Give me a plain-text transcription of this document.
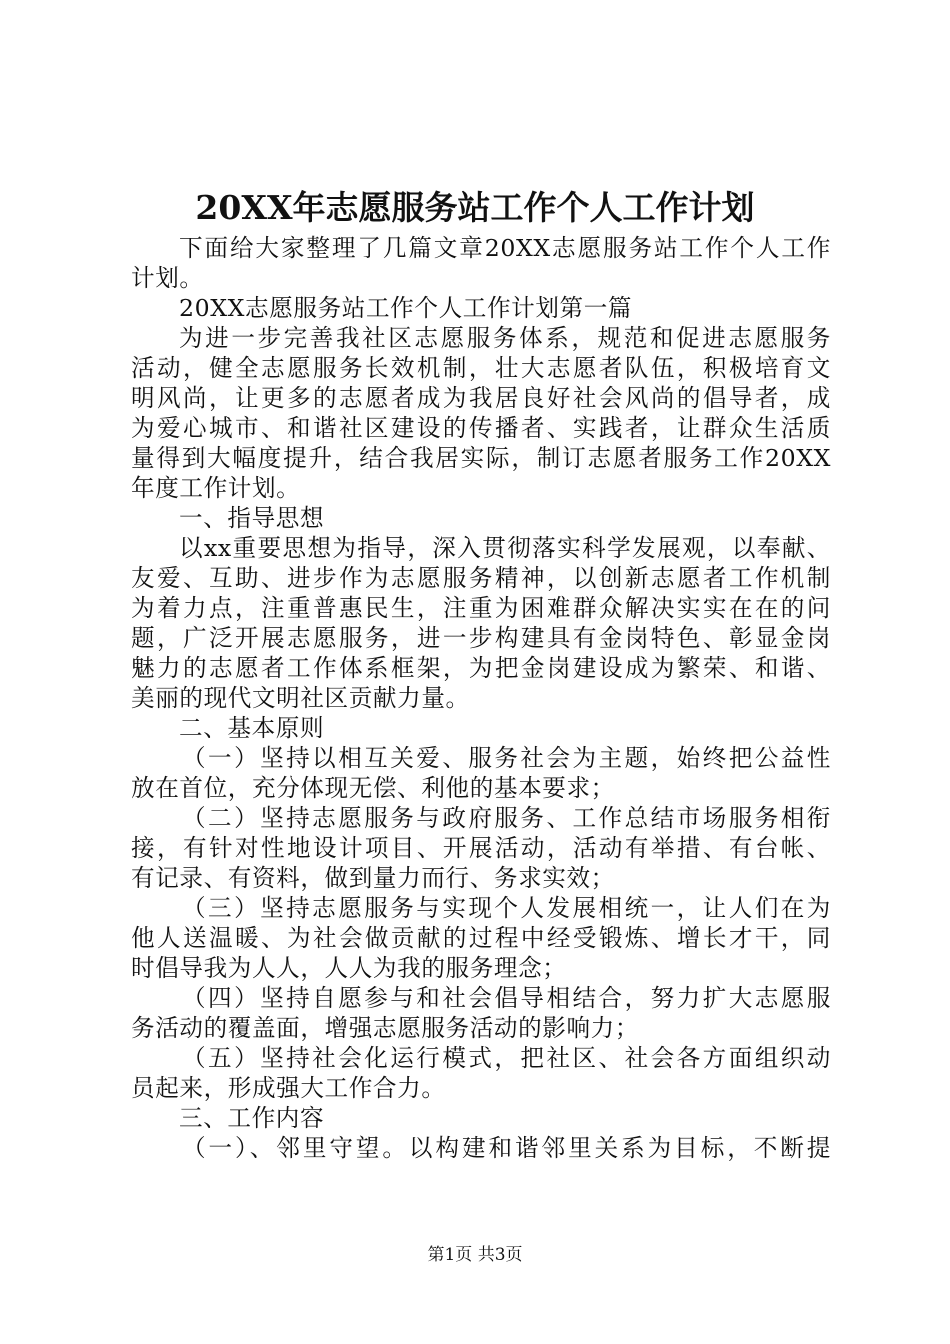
20XX年志愿服务站工作个人工作计划
下面给大家整理了几篇文章20XX志愿服务站工作个人工作
计划。
20XX志愿服务站工作个人工作计划第一篇
为进一步完善我社区志愿服务体系，规范和促进志愿服务
活动，健全志愿服务长效机制，壮大志愿者队伍，积极培育文
明风尚，让更多的志愿者成为我居良好社会风尚的倡导者，成
为爱心城市、和谐社区建设的传播者、实践者，让群众生活质
量得到大幅度提升，结合我居实际，制订志愿者服务工作20XX
年度工作计划。
一、指导思想
以xx重要思想为指导，深入贯彻落实科学发展观，以奉献、
友爱、互助、进步作为志愿服务精神，以创新志愿者工作机制
为着力点，注重普惠民生，注重为困难群众解决实实在在的问
题，广泛开展志愿服务，进一步构建具有金岗特色、彰显金岗
魅力的志愿者工作体系框架，为把金岗建设成为繁荣、和谐、
美丽的现代文明社区贡献力量。
二、基本原则
（一）坚持以相互关爱、服务社会为主题，始终把公益性
放在首位，充分体现无偿、利他的基本要求；
（二）坚持志愿服务与政府服务、工作总结市场服务相衔
接，有针对性地设计项目、开展活动，活动有举措、有台帐、
有记录、有资料，做到量力而行、务求实效；
（三）坚持志愿服务与实现个人发展相统一，让人们在为
他人送温暖、为社会做贡献的过程中经受锻炼、增长才干，同
时倡导我为人人，人人为我的服务理念；
（四）坚持自愿参与和社会倡导相结合，努力扩大志愿服
务活动的覆盖面，增强志愿服务活动的影响力；
（五）坚持社会化运行模式，把社区、社会各方面组织动
员起来，形成强大工作合力。
三、工作内容
（一）、邻里守望。以构建和谐邻里关系为目标，不断提
第1页 共3页
